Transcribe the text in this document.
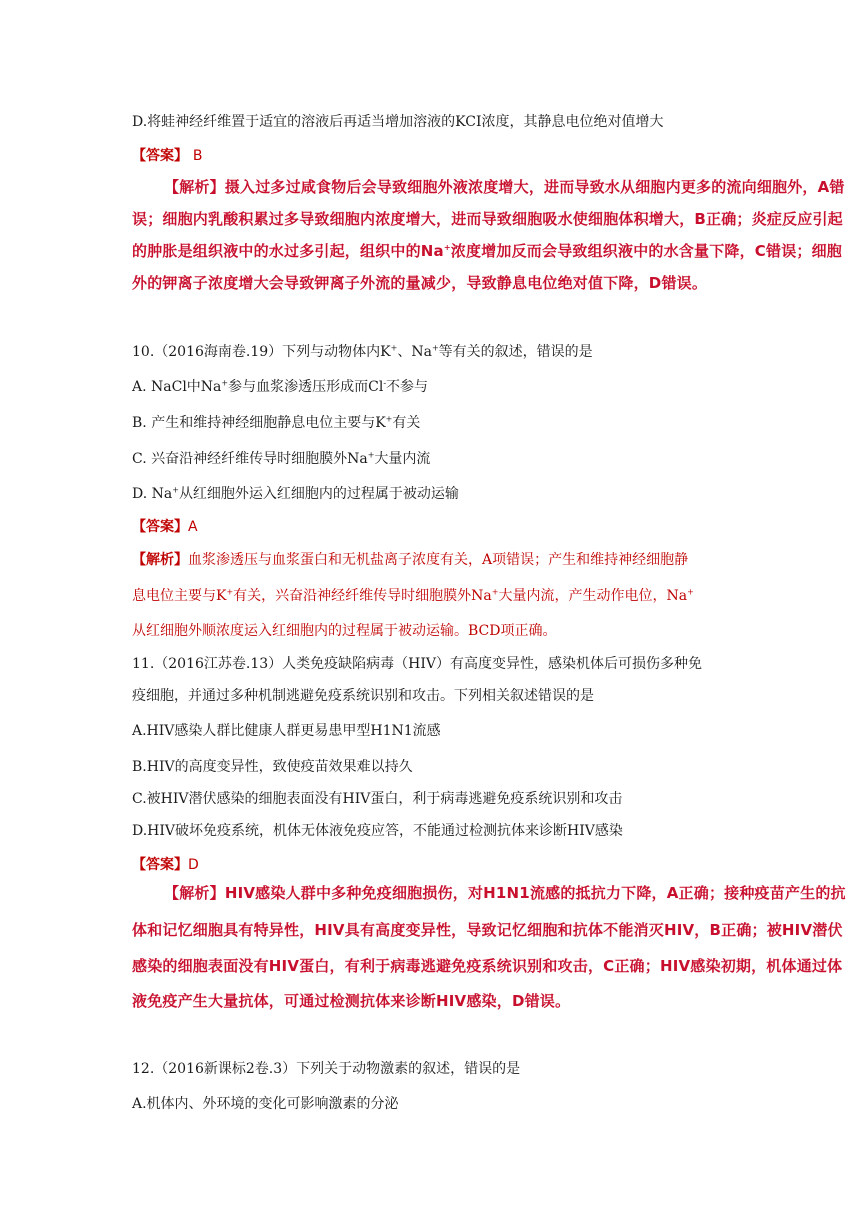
D.将蛙神经纤维置于适宜的溶液后再适当增加溶液的KCI浓度，其静息电位绝对值增大
【答案】 B
【解析】摄入过多过咸食物后会导致细胞外液浓度增大，进而导致水从细胞内更多的流向细胞外，A错
误；细胞内乳酸积累过多导致细胞内浓度增大，进而导致细胞吸水使细胞体积增大，B正确；炎症反应引起
的肿胀是组织液中的水过多引起，组织中的Na+浓度增加反而会导致组织液中的水含量下降，C错误；细胞
外的钾离子浓度增大会导致钾离子外流的量减少，导致静息电位绝对值下降，D错误。
10.（2016海南卷.19）下列与动物体内K+、Na+等有关的叙述，错误的是
A. NaCl中Na+参与血浆渗透压形成而Cl-不参与
B. 产生和维持神经细胞静息电位主要与K+有关
C. 兴奋沿神经纤维传导时细胞膜外Na+大量内流
D. Na+从红细胞外运入红细胞内的过程属于被动运输
【答案】A
【解析】血浆渗透压与血浆蛋白和无机盐离子浓度有关，A项错误；产生和维持神经细胞静
息电位主要与K+有关，兴奋沿神经纤维传导时细胞膜外Na+大量内流，产生动作电位，Na+
从红细胞外顺浓度运入红细胞内的过程属于被动运输。BCD项正确。
11.（2016江苏卷.13）人类免疫缺陷病毒（HIV）有高度变异性，感染机体后可损伤多种免
疫细胞，并通过多种机制逃避免疫系统识别和攻击。下列相关叙述错误的是
A.HIV感染人群比健康人群更易患甲型H1N1流感
B.HIV的高度变异性，致使疫苗效果难以持久
C.被HIV潜伏感染的细胞表面没有HIV蛋白，利于病毒逃避免疫系统识别和攻击
D.HIV破坏免疫系统，机体无体液免疫应答，不能通过检测抗体来诊断HIV感染
【答案】D
【解析】HIV感染人群中多种免疫细胞损伤，对H1N1流感的抵抗力下降，A正确；接种疫苗产生的抗
体和记忆细胞具有特异性，HIV具有高度变异性，导致记忆细胞和抗体不能消灭HIV，B正确；被HIV潜伏
感染的细胞表面没有HIV蛋白，有利于病毒逃避免疫系统识别和攻击，C正确；HIV感染初期，机体通过体
液免疫产生大量抗体，可通过检测抗体来诊断HIV感染，D错误。
12.（2016新课标2卷.3）下列关于动物激素的叙述，错误的是
A.机体内、外环境的变化可影响激素的分泌
